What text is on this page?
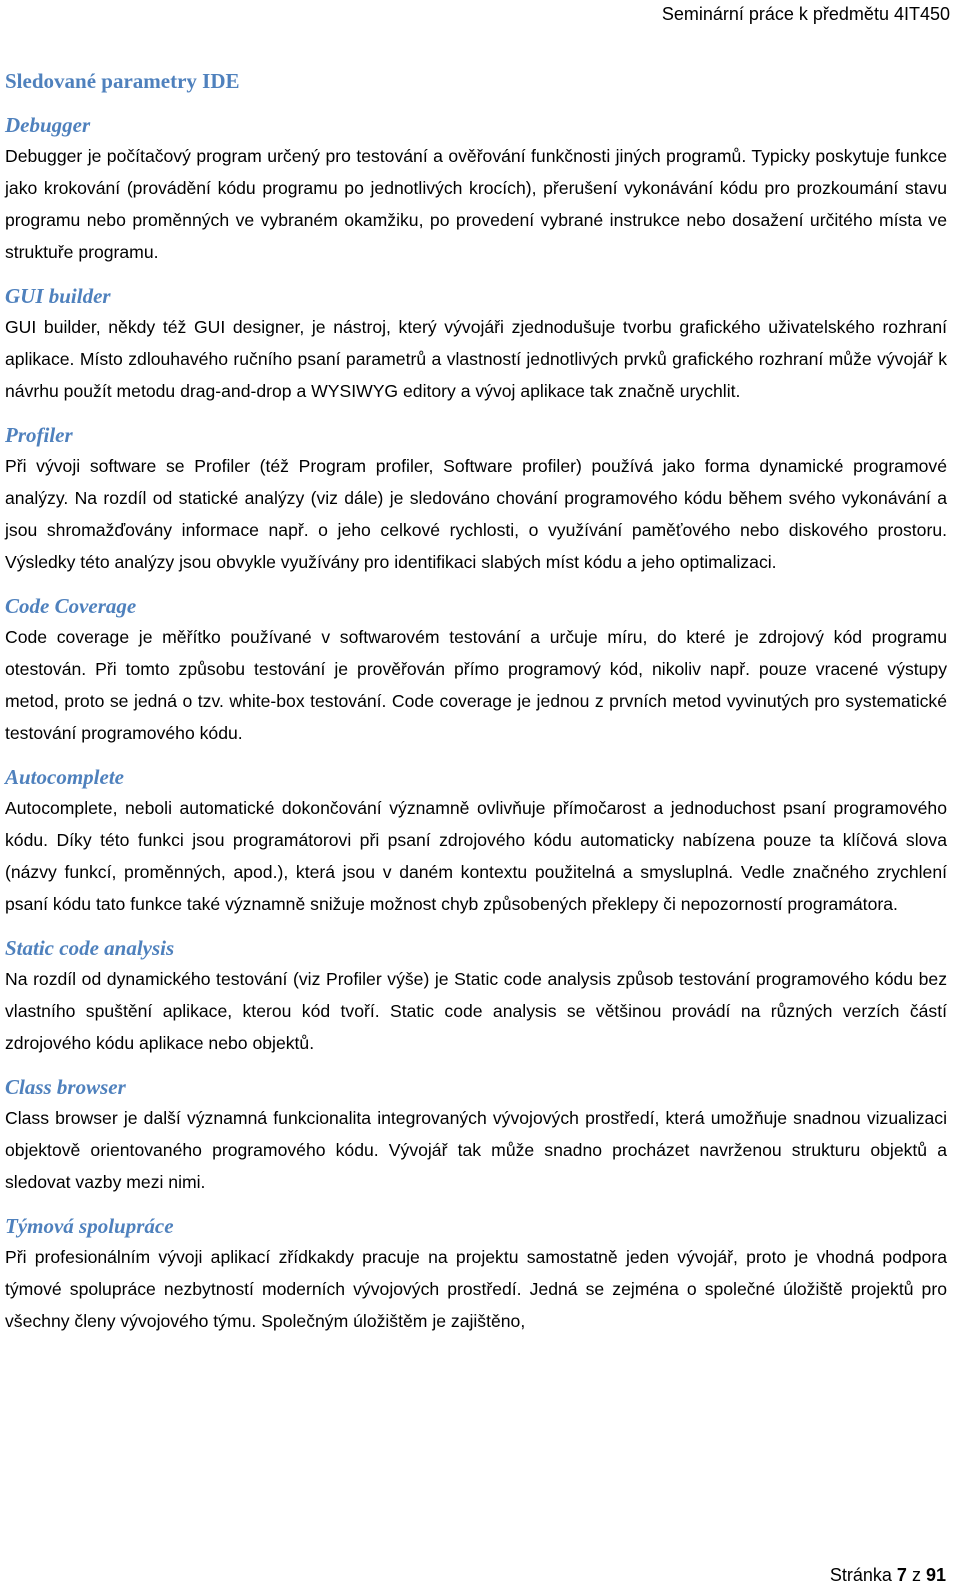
Seminární práce k předmětu 4IT450
Sledované parametry IDE
Debugger

Debugger je počítačový program určený pro testování a ověřování funkčnosti jiných programů. Typicky poskytuje funkce jako krokování (provádění kódu programu po jednotlivých krocích), přerušení vykonávání kódu pro prozkoumání stavu programu nebo proměnných ve vybraném okamžiku, po provedení vybrané instrukce nebo dosažení určitého místa ve struktuře programu.

GUI builder

GUI builder, někdy též GUI designer, je nástroj, který vývojáři zjednodušuje tvorbu grafického uživatelského rozhraní aplikace. Místo zdlouhavého ručního psaní parametrů a vlastností jednotlivých prvků grafického rozhraní může vývojář k návrhu použít metodu drag-and-drop a WYSIWYG editory a vývoj aplikace tak značně urychlit.

Profiler

Při vývoji software se Profiler (též Program profiler, Software profiler) používá jako forma dynamické programové analýzy. Na rozdíl od statické analýzy (viz dále) je sledováno chování programového kódu během svého vykonávání a jsou shromažďovány informace např. o jeho celkové rychlosti, o využívání paměťového nebo diskového prostoru. Výsledky této analýzy jsou obvykle využívány pro identifikaci slabých míst kódu a jeho optimalizaci.

Code Coverage

Code coverage je měřítko používané v softwarovém testování a určuje míru, do které je zdrojový kód programu otestován. Při tomto způsobu testování je prověřován přímo programový kód, nikoliv např. pouze vracené výstupy metod, proto se jedná o tzv. white-box testování. Code coverage je jednou z prvních metod vyvinutých pro systematické testování programového kódu.

Autocomplete

Autocomplete, neboli automatické dokončování významně ovlivňuje přímočarost a jednoduchost psaní programového kódu. Díky této funkci jsou programátorovi při psaní zdrojového kódu automaticky nabízena pouze ta klíčová slova (názvy funkcí, proměnných, apod.), která jsou v daném kontextu použitelná a smysluplná. Vedle značného zrychlení psaní kódu tato funkce také významně snižuje možnost chyb způsobených překlepy či nepozorností programátora.

Static code analysis

Na rozdíl od dynamického testování (viz Profiler výše) je Static code analysis způsob testování programového kódu bez vlastního spuštění aplikace, kterou kód tvoří. Static code analysis se většinou provádí na různých verzích částí zdrojového kódu aplikace nebo objektů.

Class browser

Class browser je další významná funkcionalita integrovaných vývojových prostředí, která umožňuje snadnou vizualizaci objektově orientovaného programového kódu. Vývojář tak může snadno procházet navrženou strukturu objektů a sledovat vazby mezi nimi.

Týmová spolupráce

Při profesionálním vývoji aplikací zřídkakdy pracuje na projektu samostatně jeden vývojář, proto je vhodná podpora týmové spolupráce nezbytností moderních vývojových prostředí. Jedná se zejména o společné úložiště projektů pro všechny členy vývojového týmu. Společným úložištěm je zajištěno,

Stránka 7 z 91
